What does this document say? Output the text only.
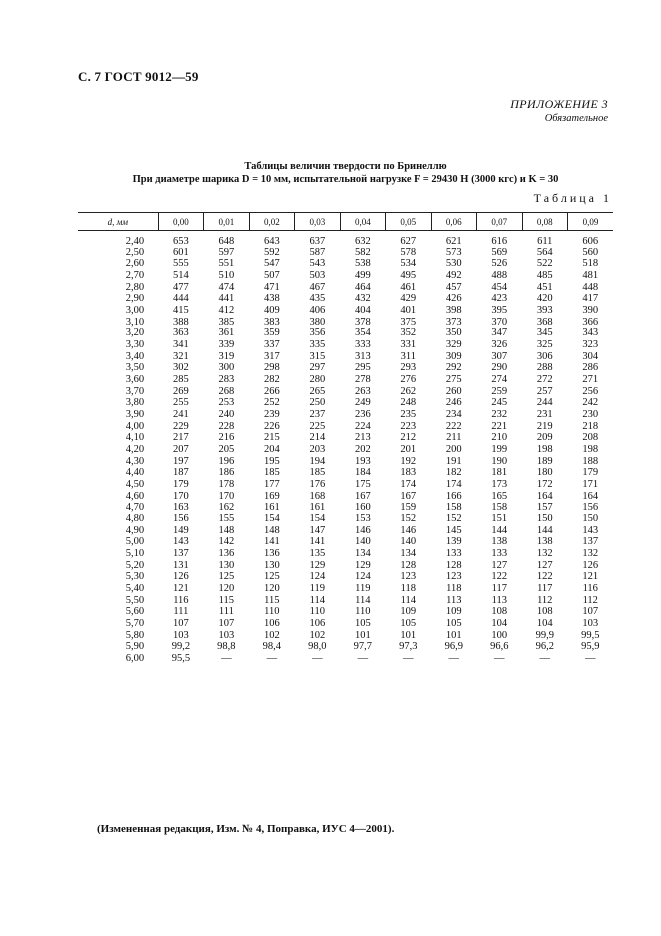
С. 7 ГОСТ 9012—59
ПРИЛОЖЕНИЕ 3
Обязательное
Таблицы величин твердости по Бринеллю
При диаметре шарика D = 10 мм, испытательной нагрузке F = 29430 Н (3000 кгс) и K = 30
Таблица 1
d, мм	0,00	0,01	0,02	0,03	0,04	0,05	0,06	0,07	0,08	0,09

2,40	653	648	643	637	632	627	621	616	611	606
2,50	601	597	592	587	582	578	573	569	564	560
2,60	555	551	547	543	538	534	530	526	522	518
2,70	514	510	507	503	499	495	492	488	485	481
2,80	477	474	471	467	464	461	457	454	451	448
2,90	444	441	438	435	432	429	426	423	420	417
3,00	415	412	409	406	404	401	398	395	393	390
3,10	388	385	383	380	378	375	373	370	368	366
3,20	363	361	359	356	354	352	350	347	345	343
3,30	341	339	337	335	333	331	329	326	325	323
3,40	321	319	317	315	313	311	309	307	306	304
3,50	302	300	298	297	295	293	292	290	288	286
3,60	285	283	282	280	278	276	275	274	272	271
3,70	269	268	266	265	263	262	260	259	257	256
3,80	255	253	252	250	249	248	246	245	244	242
3,90	241	240	239	237	236	235	234	232	231	230
4,00	229	228	226	225	224	223	222	221	219	218
4,10	217	216	215	214	213	212	211	210	209	208
4,20	207	205	204	203	202	201	200	199	198	198
4,30	197	196	195	194	193	192	191	190	189	188
4,40	187	186	185	185	184	183	182	181	180	179
4,50	179	178	177	176	175	174	174	173	172	171
4,60	170	170	169	168	167	167	166	165	164	164
4,70	163	162	161	161	160	159	158	158	157	156
4,80	156	155	154	154	153	152	152	151	150	150
4,90	149	148	148	147	146	146	145	144	144	143
5,00	143	142	141	141	140	140	139	138	138	137
5,10	137	136	136	135	134	134	133	133	132	132
5,20	131	130	130	129	129	128	128	127	127	126
5,30	126	125	125	124	124	123	123	122	122	121
5,40	121	120	120	119	119	118	118	117	117	116
5,50	116	115	115	114	114	114	113	113	112	112
5,60	111	111	110	110	110	109	109	108	108	107
5,70	107	107	106	106	105	105	105	104	104	103
5,80	103	103	102	102	101	101	101	100	99,9	99,5
5,90	99,2	98,8	98,4	98,0	97,7	97,3	96,9	96,6	96,2	95,9
6,00	95,5	—	—	—	—	—	—	—	—	—
(Измененная редакция, Изм. № 4, Поправка, ИУС 4—2001).
